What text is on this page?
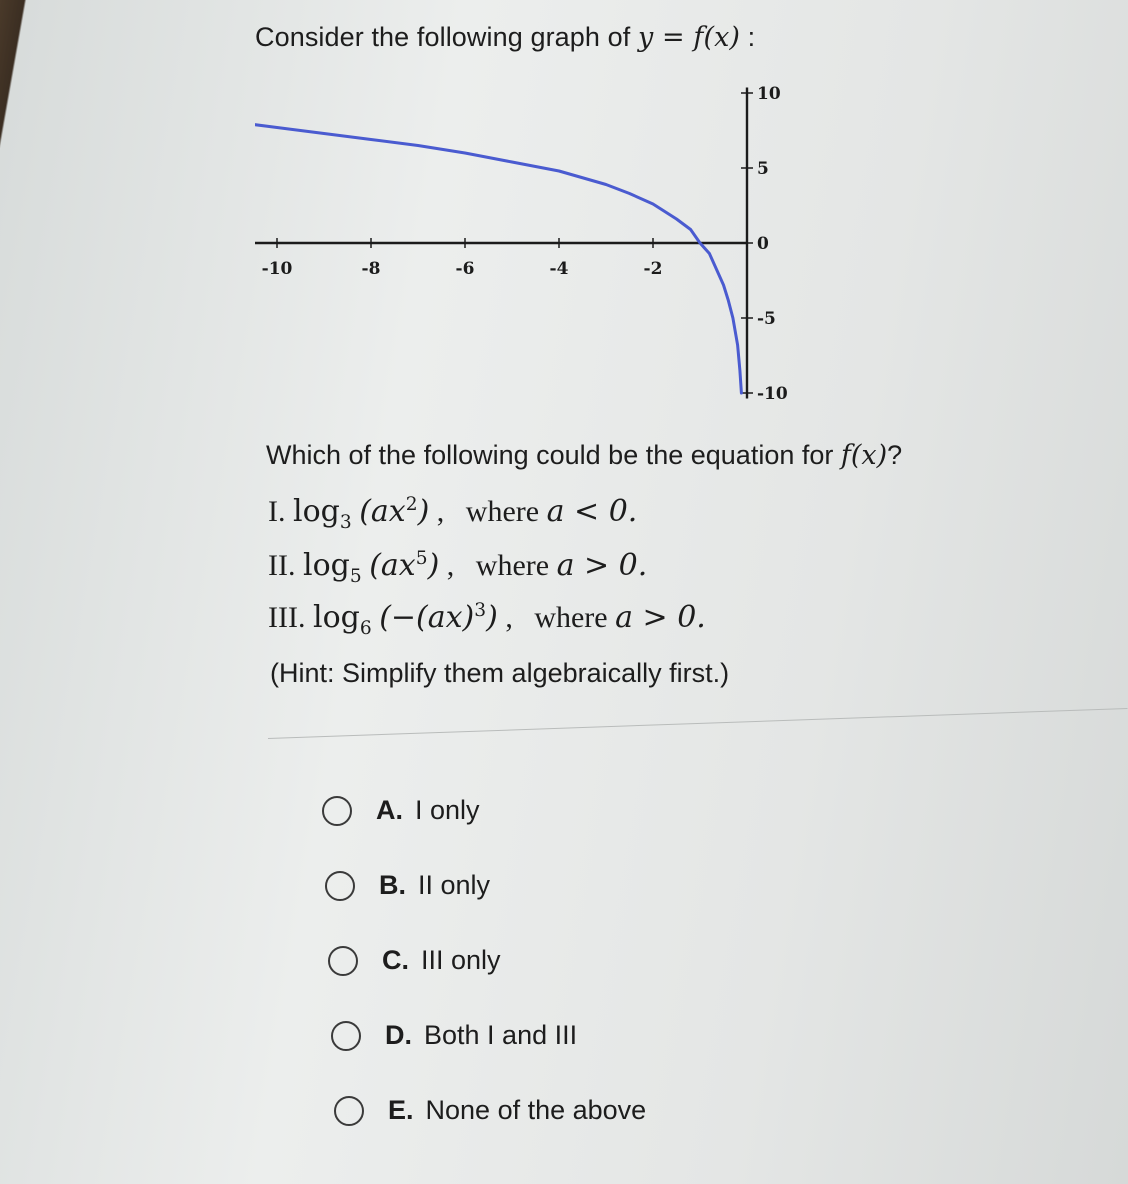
Consider the following graph of y = f(x) :
-10	-8	-6	-4	-2
10
5
0
-5
-10
Which of the following could be the equation for f(x)?
I. $\log_3 (ax^2)$ , where a < 0.
II. $\log_5 (ax^5)$ , where a > 0.
III. $\log_6 (-(ax)^3)$ , where a > 0.
(Hint: Simplify them algebraically first.)
A. I only
B. II only
C. III only
D. Both I and III
E. None of the above
